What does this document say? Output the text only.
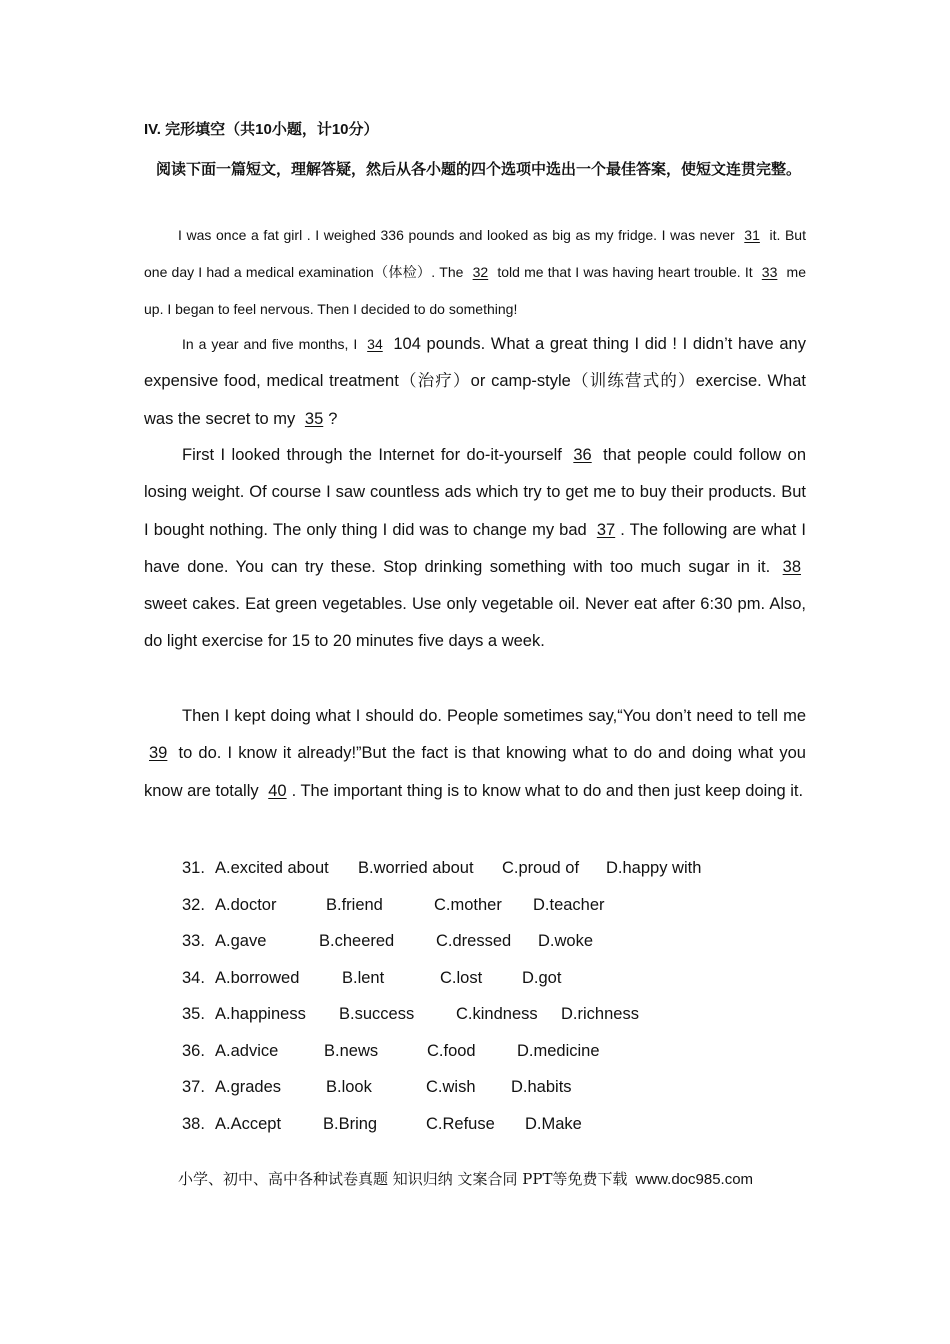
IV. 完形填空（共10小题，计10分）
阅读下面一篇短文，理解答疑，然后从各小题的四个选项中选出一个最佳答案，使短文连贯完整。
I was once a fat girl . I weighed 336 pounds and looked as big as my fridge. I was never 31 it. But one day I had a medical examination（体检）. The 32 told me that I was having heart trouble. It 33 me up. I began to feel nervous. Then I decided to do something!
In a year and five months, I 34 104 pounds. What a great thing I did ! I didn’t have any expensive food, medical treatment（治疗）or camp-style（训练营式的）exercise. What was the secret to my 35 ?
First I looked through the Internet for do-it-yourself 36 that people could follow on losing weight. Of course I saw countless ads which try to get me to buy their products. But I bought nothing. The only thing I did was to change my bad 37 . The following are what I have done. You can try these. Stop drinking something with too much sugar in it. 38 sweet cakes. Eat green vegetables. Use only vegetable oil. Never eat after 6:30 pm. Also, do light exercise for 15 to 20 minutes five days a week.
Then I kept doing what I should do. People sometimes say,“You don’t need to tell me 39 to do. I know it already!”But the fact is that knowing what to do and doing what you know are totally 40 . The important thing is to know what to do and then just keep doing it.
31. A.excited about B.worried about C.proud of D.happy with
32. A.doctor	B.friend	C.mother D.teacher
33. A.gave	B.cheered	C.dressed D.woke
34. A.borrowed	B.lent	C.lost D.got
35. A.happiness B.success	C.kindness D.richness
36. A.advice	B.news	C.food	D.medicine
37. A.grades	B.look	C.wish D.habits
38. A.Accept	B.Bring	C.Refuse D.Make
小学、初中、高中各种试卷真题 知识归纳 文案合同 PPT等免费下载 www.doc985.com
